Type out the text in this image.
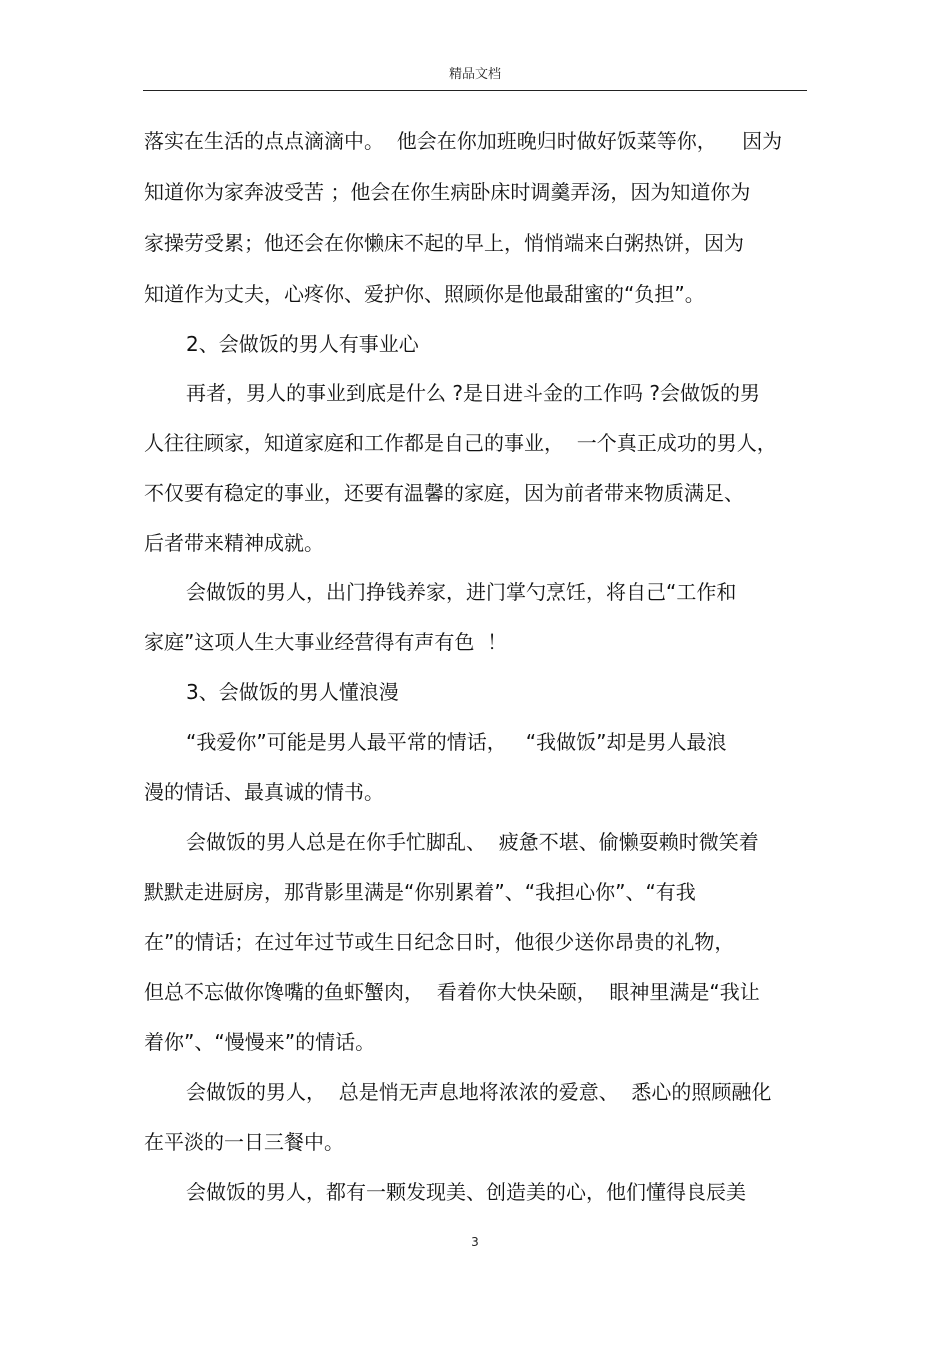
精品文档
落实在生活的点点滴滴中。  他会在你加班晚归时做好饭菜等你，    因为
知道你为家奔波受苦 ；他会在你生病卧床时调羹弄汤，因为知道你为
家操劳受累；他还会在你懒床不起的早上，悄悄端来白粥热饼，因为
知道作为丈夫，心疼你、爱护你、照顾你是他最甜蜜的“负担”。
2、会做饭的男人有事业心
再者，男人的事业到底是什么 ?是日进斗金的工作吗 ?会做饭的男
人往往顾家，知道家庭和工作都是自己的事业，  一个真正成功的男人，
不仅要有稳定的事业，还要有温馨的家庭，因为前者带来物质满足、
后者带来精神成就。
会做饭的男人，出门挣钱养家，进门掌勺烹饪，将自己“工作和
家庭”这项人生大事业经营得有声有色  ！
3、会做饭的男人懂浪漫
“我爱你”可能是男人最平常的情话，   “我做饭”却是男人最浪
漫的情话、最真诚的情书。
会做饭的男人总是在你手忙脚乱、  疲惫不堪、偷懒耍赖时微笑着
默默走进厨房，那背影里满是“你别累着”、“我担心你”、“有我
在”的情话；在过年过节或生日纪念日时，他很少送你昂贵的礼物，
但总不忘做你馋嘴的鱼虾蟹肉，  看着你大快朵颐，  眼神里满是“我让
着你”、“慢慢来”的情话。
会做饭的男人，  总是悄无声息地将浓浓的爱意、  悉心的照顾融化
在平淡的一日三餐中。
会做饭的男人，都有一颗发现美、创造美的心，他们懂得良辰美
3
